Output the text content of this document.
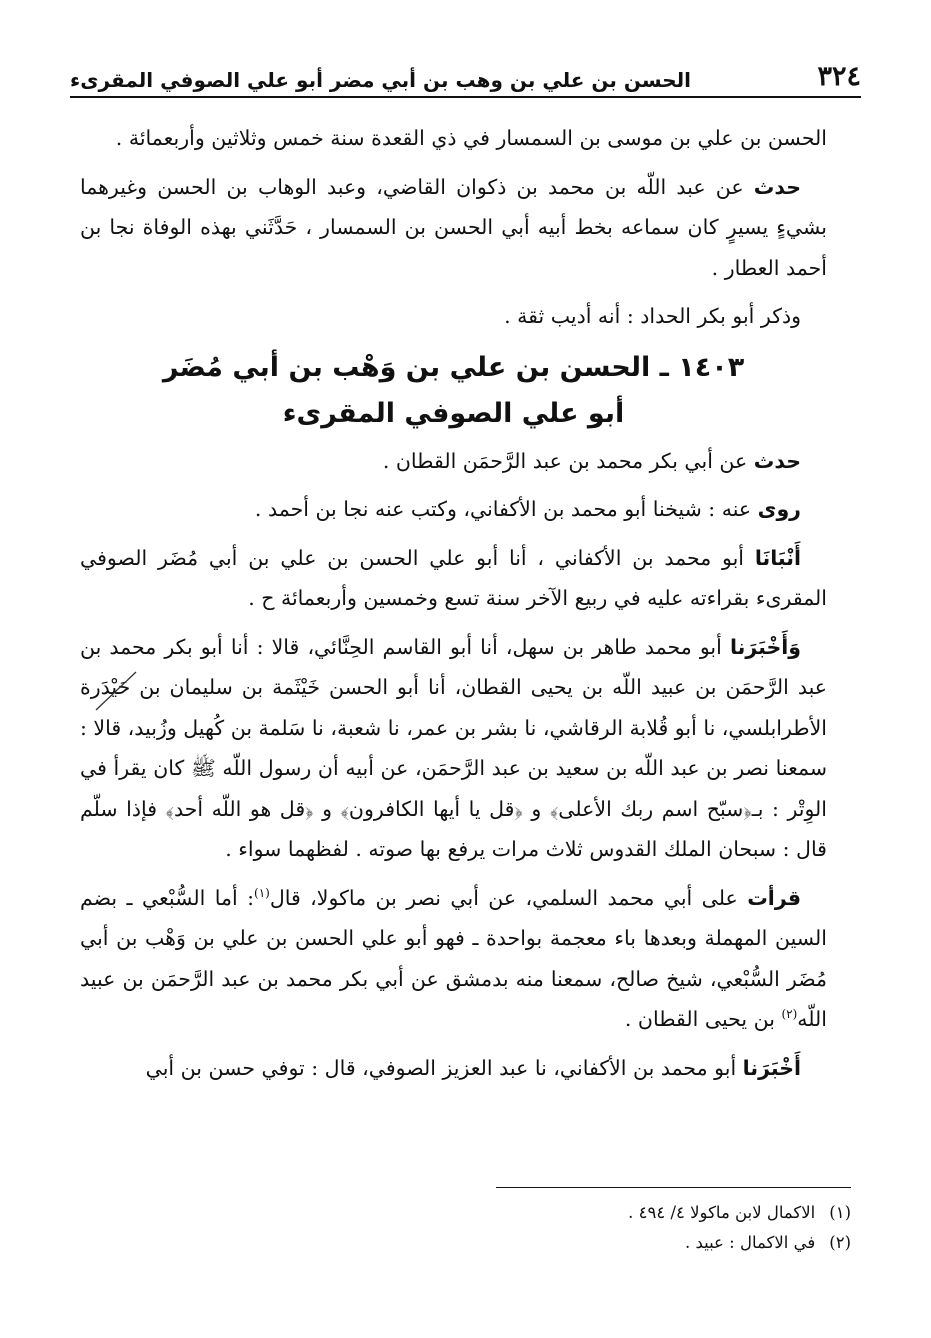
٣٢٤
الحسن بن علي بن وهب بن أبي مضر أبو علي الصوفي المقرىء

الحسن بن علي بن موسى بن السمسار في ذي القعدة سنة خمس وثلاثين وأربعمائة .

حدث عن عبد اللّه بن محمد بن ذكوان القاضي، وعبد الوهاب بن الحسن وغيرهما بشيءٍ يسيرٍ كان سماعه بخط أبيه أبي الحسن بن السمسار ، حَدَّثَني بهذه الوفاة نجا بن أحمد العطار .

وذكر أبو بكر الحداد : أنه أديب ثقة .

١٤٠٣ ـ الحسن بن علي بن وَهْب بن أبي مُضَر
أبو علي الصوفي المقرىء

حدث عن أبي بكر محمد بن عبد الرَّحمَن القطان .

روى عنه : شيخنا أبو محمد بن الأكفاني، وكتب عنه نجا بن أحمد .

أَنْبَانَا أبو محمد بن الأكفاني ، أنا أبو علي الحسن بن علي بن أبي مُضَر الصوفي المقرىء بقراءته عليه في ربيع الآخر سنة تسع وخمسين وأربعمائة ح .

وَأَخْبَرَنا أبو محمد طاهر بن سهل، أنا أبو القاسم الحِنَّائي، قالا : أنا أبو بكر محمد بن عبد الرَّحمَن بن عبيد اللّه بن يحيى القطان، أنا أبو الحسن خَيْثَمة بن سليمان بن حَيْدَرة الأطرابلسي، نا أبو قُلابة الرقاشي، نا بشر بن عمر، نا شعبة، نا سَلمة بن كُهيل وزُبيد، قالا : سمعنا نصر بن عبد اللّه بن سعيد بن عبد الرَّحمَن، عن أبيه أن رسول اللّه ﷺ كان يقرأ في الوِتْر : بـ﴿سبّح اسم ربك الأعلى﴾ و ﴿قل يا أيها الكافرون﴾ و ﴿قل هو اللّه أحد﴾ فإذا سلّم قال : سبحان الملك القدوس ثلاث مرات يرفع بها صوته . لفظهما سواء .

قرأت على أبي محمد السلمي، عن أبي نصر بن ماكولا، قال$^{(١)}$: أما السُّبْعي ـ بضم السين المهملة وبعدها باء معجمة بواحدة ـ فهو أبو علي الحسن بن علي بن وَهْب بن أبي مُضَر السُّبْعي، شيخ صالح، سمعنا منه بدمشق عن أبي بكر محمد بن عبد الرَّحمَن بن عبيد اللّه$^{(٢)}$ بن يحيى القطان .

أَخْبَرَنا أبو محمد بن الأكفاني، نا عبد العزيز الصوفي، قال : توفي حسن بن أبي

(١)الاكمال لابن ماكولا ٤/ ٤٩٤ .
(٢)في الاكمال : عبيد .
